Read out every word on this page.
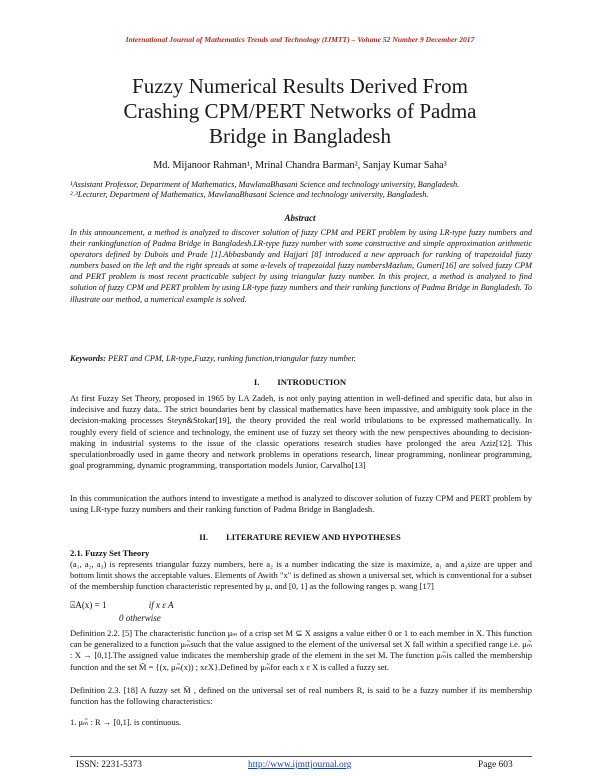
International Journal of Mathematics Trends and Technology (IJMTT) – Volume 52 Number 9 December 2017
Fuzzy Numerical Results Derived From
Crashing CPM/PERT Networks of Padma
Bridge in Bangladesh
Md. Mijanoor Rahman¹, Mrinal Chandra Barman², Sanjay Kumar Saha³
¹Assistant Professor, Department of Mathematics, MawlanaBhasani Science and technology university, Bangladesh.
²˒³Lecturer, Department of Mathematics, MawlanaBhasani Science and technology university, Bangladesh.
Abstract
In this announcement, a method is analyzed to discover solution of fuzzy CPM and PERT problem by using LR-type fuzzy numbers and their rankingfunction of Padma Bridge in Bangladesh.LR-type fuzzy number with some constructive and simple approximation arithmetic operators defined by Dubois and Prade [1].Abbasbandy and Hajjari [8] introduced a new approach for ranking of trapezoidal fuzzy numbers based on the left and the right spreads at some α-levels of trapezoidal fuzzy numbersMazlum, Gumeri[16] are solved fuzzy CPM and PERT problem is most recent practicable subject by using triangular fuzzy number. In this project, a method is analyzed to find solution of fuzzy CPM and PERT problem by using LR-type fuzzy numbers and their ranking functions of Padma Bridge in Bangladesh. To illustrate our method, a numerical example is solved.
Keywords: PERT and CPM, LR-type,Fuzzy, ranking function,triangular fuzzy number.
I. INTRODUCTION
At first Fuzzy Set Theory, proposed in 1965 by LA Zadeh, is not only paying attention in well-defined and specific data, but also in indecisive and fuzzy data.. The strict boundaries bent by classical mathematics have been impassive, and ambiguity took place in the decision-making processes Steyn&Stokar[19], the theory provided the real world tribulations to be expressed mathematically. In roughly every field of science and technology, the eminent use of fuzzy set theory with the new perspectives abounding to decision-making in industrial systems to the issue of the classic operations research studies have prolonged the area Aziz[12]. This speculationbroadly used in game theory and network problems in operations research, linear programming, nonlinear programming, goal programming, dynamic programming, transportation models Junior, Carvalho[13]
In this communication the authors intend to investigate a method is analyzed to discover solution of fuzzy CPM and PERT problem by using LR-type fuzzy numbers and their ranking function of Padma Bridge in Bangladesh.
II. LITERATURE REVIEW AND HYPOTHESES
2.1. Fuzzy Set Theory
(a₁, a₂, a₃) is represents triangular fuzzy numbers, here a₂ is a number indicating the size is maximize, a₁ and a₃size are upper and bottom limit shows the acceptable values. Elements of Awith "x" is defined as shown a universal set, which is conventional for a subset of the membership function characteristic represented by μ, and [0, 1] as the following ranges p. wang [17]
⍓A(x) = 1	if x ε A
0 otherwise
Definition 2.2. [5] The characteristic function μₘ of a crisp set M ⊆ X assigns a value either 0 or 1 to each member in X. This function can be generalized to a function μₘ̃such that the value assigned to the element of the universal set X fall within a specified range i.e. μₘ̃ : X → [0,1].The assigned value indicates the membership grade of the element in the set M. The function μₘ̃is called the membership function and the set M̃ = {(x, μₘ̃(x)) ; xεX}.Defined by μₘ̃for each x ε X is called a fuzzy set.
Definition 2.3. [18] A fuzzy set M̃ , defined on the universal set of real numbers R, is said to be a fuzzy number if its membership function has the following characteristics:
1. μₘ̃ : R → [0,1]. is continuous.
ISSN: 2231-5373	http://www.ijmttjournal.org	Page 603
